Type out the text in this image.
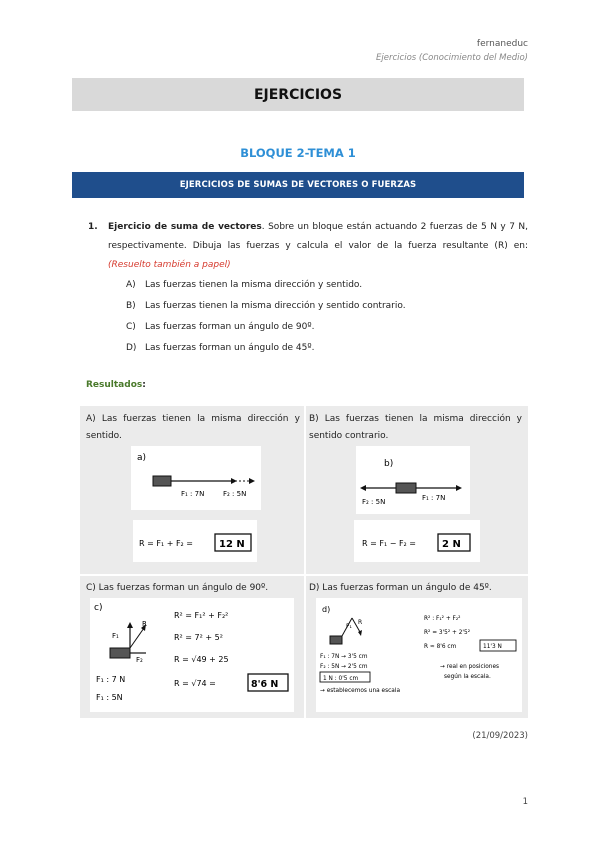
fernaneduc
Ejercicios (Conocimiento del Medio)
EJERCICIOS
BLOQUE 2-TEMA 1
EJERCICIOS DE SUMAS DE VECTORES O FUERZAS
1. Ejercicio de suma de vectores. Sobre un bloque están actuando 2 fuerzas de 5 N y 7 N, respectivamente. Dibuja las fuerzas y calcula el valor de la fuerza resultante (R) en: (Resuelto también a papel)
A)	Las fuerzas tienen la misma dirección y sentido.
B)	Las fuerzas tienen la misma dirección y sentido contrario.
C)	Las fuerzas forman un ángulo de 90º.
D) Las fuerzas forman un ángulo de 45º.
Resultados:
A) Las fuerzas tienen la misma dirección y sentido.
a)
F₁ : 7N	F₂ : 5N
R = F₁ + F₂ =	12 N
B) Las fuerzas tienen la misma dirección y sentido contrario.
b)
F₂ : 5N	F₁ : 7N
R = F₁ − F₂ =	2 N
C) Las fuerzas forman un ángulo de 90º.
c)
F₁
F₂
R
F₁ : 7 N
F₁ : 5N
R² = F₁² + F₂²
R² = 7² + 5²
R = √49 + 25
R = √74 =	8'6 N
D) Las fuerzas forman un ángulo de 45º.
d)
F₁
R
F₁ : 7N → 3'5 cm
F₂ : 5N → 2'5 cm
1 N : 0'5 cm
→ establecemos una escala
R² : F₁² + F₂²
R² = 3'5² + 2'5²
R ≈ 8'6 cm	11'3 N
→ real en posiciones
según la escala.
(21/09/2023)
1
